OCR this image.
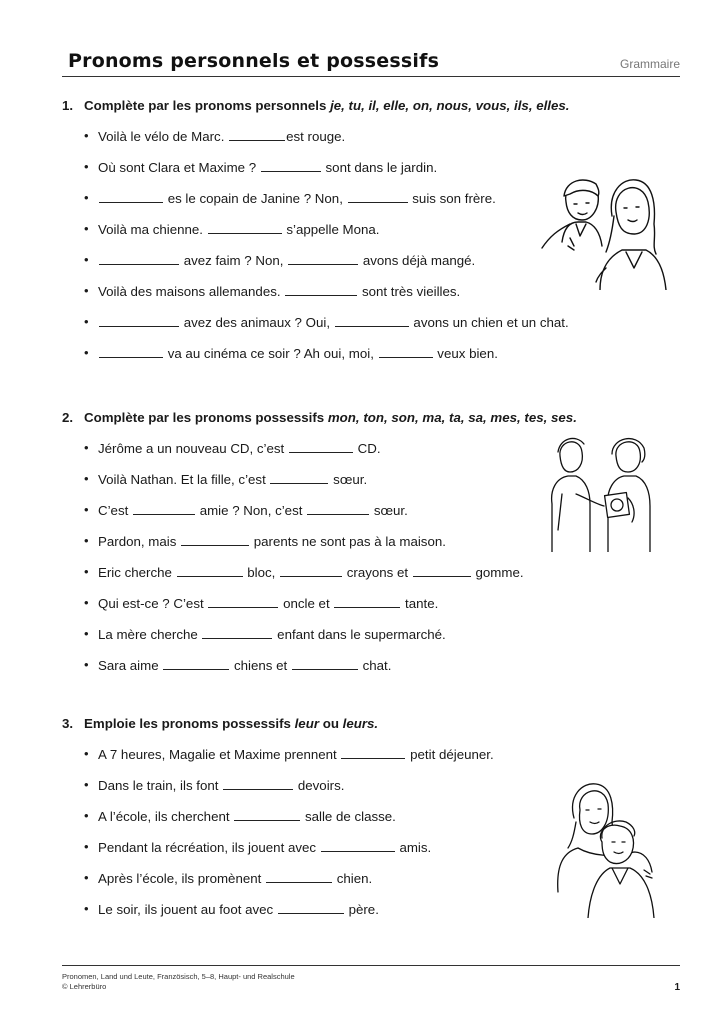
Pronoms personnels et possessifs	Grammaire
1. Complète par les pronoms personnels je, tu, il, elle, on, nous, vous, ils, elles.
• Voilà le vélo de Marc.	est rouge.
• Où sont Clara et Maxime ?	sont dans le jardin.
•	es le copain de Janine ? Non,	suis son frère.
• Voilà ma chienne.	s’appelle Mona.
•	avez faim ? Non,	avons déjà mangé.
• Voilà des maisons allemandes.	sont très vieilles.
•	avez des animaux ? Oui,	avons un chien et un chat.
•	va au cinéma ce soir ? Ah oui, moi,	veux bien.
2. Complète par les pronoms possessifs mon, ton, son, ma, ta, sa, mes, tes, ses.
• Jérôme a un nouveau CD, c’est	CD.
• Voilà Nathan. Et la fille, c’est	sœur.
• C’est	amie ? Non, c’est	sœur.
• Pardon, mais	parents ne sont pas à la maison.
• Eric cherche	bloc,	crayons et	gomme.
• Qui est-ce ? C’est	oncle et	tante.
• La mère cherche	enfant dans le supermarché.
• Sara aime	chiens et	chat.
3. Emploie les pronoms possessifs leur ou leurs.
• A 7 heures, Magalie et Maxime prennent	petit déjeuner.
• Dans le train, ils font	devoirs.
• A l’école, ils cherchent	salle de classe.
• Pendant la récréation, ils jouent avec	amis.
• Après l’école, ils promènent	chien.
• Le soir, ils jouent au foot avec	père.
Pronomen, Land und Leute, Französisch, 5–8, Haupt- und Realschule
© Lehrerbüro	1
